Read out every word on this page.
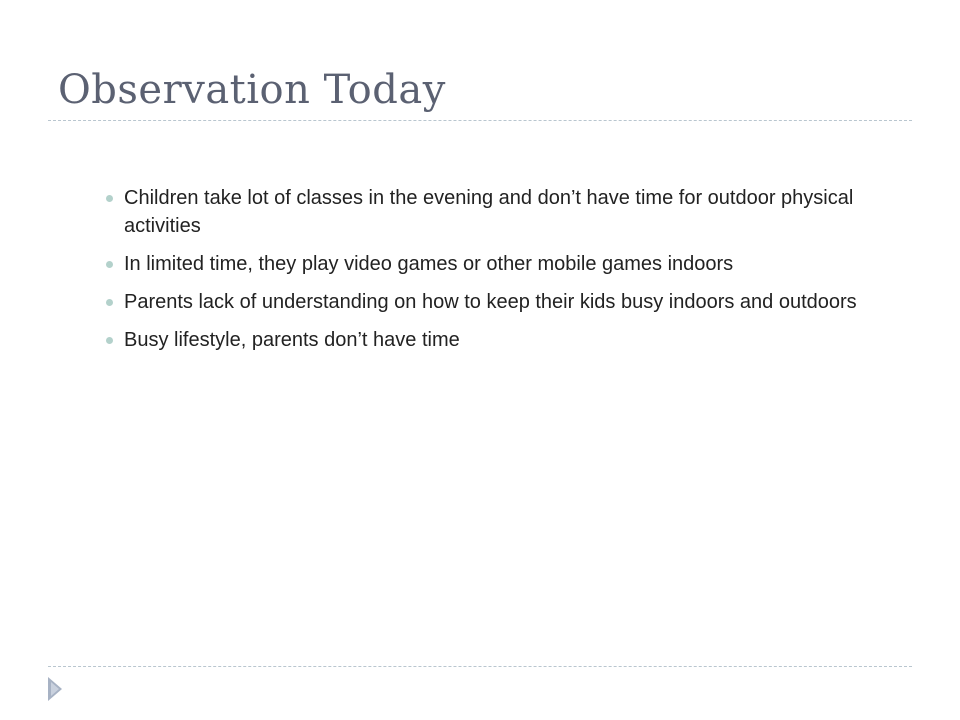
Observation Today
Children take lot of classes in the evening and don’t have time for outdoor physical activities
In limited time, they play video games or other mobile games indoors
Parents lack of understanding on how to keep their kids busy indoors and outdoors
Busy lifestyle, parents don’t have time
